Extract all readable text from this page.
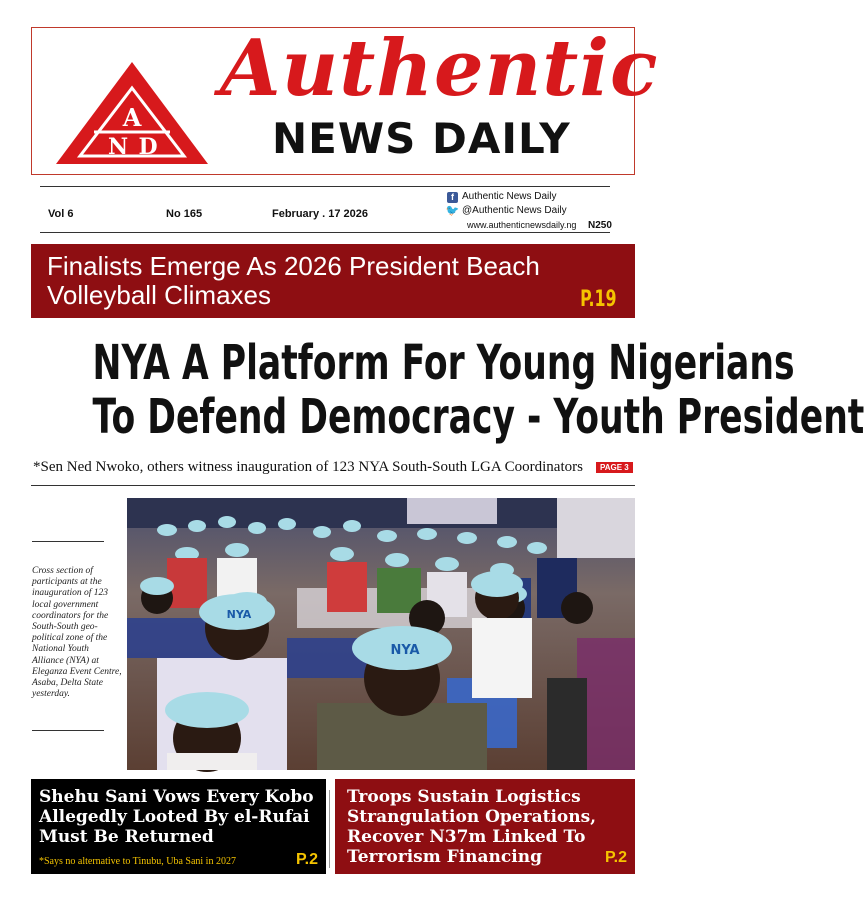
A
N D
Authentic
NEWS DAILY
Vol 6	No 165	February . 17 2026
f Authentic News Daily
🐦 @Authentic News Daily
www.authenticnewsdaily.ng N250
Finalists Emerge As 2026 President Beach Volleyball Climaxes	P.19
NYA A Platform For Young Nigerians
To Defend Democracy - Youth President
*Sen Ned Nwoko, others witness inauguration of 123 NYA South-South LGA Coordinators	PAGE 3
Cross section of participants at the inauguration of 123 local government coordinators for the South-South geo-political zone of the National Youth Alliance (NYA) at Eleganza Event Centre, Asaba, Delta State yesterday.
NYA
NYA
Shehu Sani Vows Every Kobo Allegedly Looted By el-Rufai Must Be Returned
*Says no alternative to Tinubu, Uba Sani in 2027	P.2
Troops Sustain Logistics Strangulation Operations, Recover N37m Linked To Terrorism Financing	P.2
